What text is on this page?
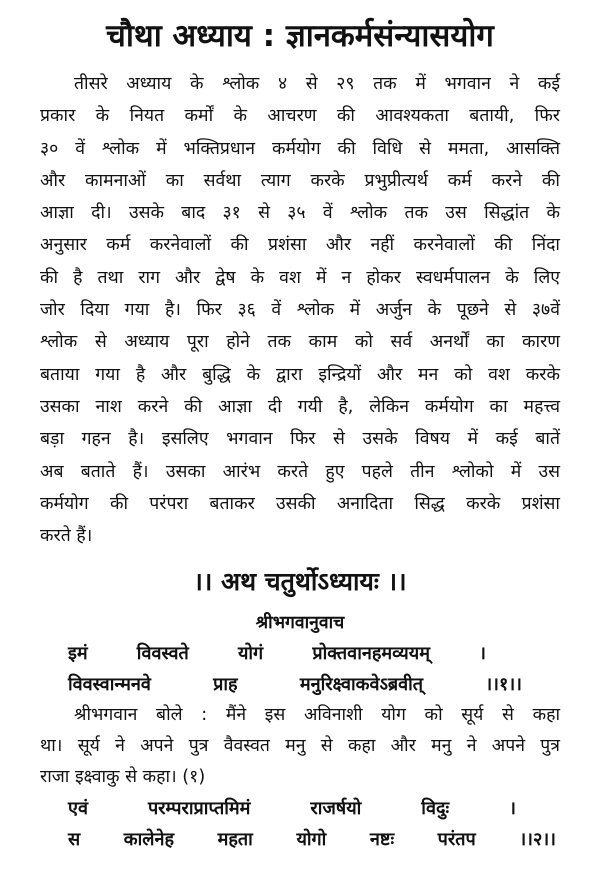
चौथा अध्याय : ज्ञानकर्मसंन्यासयोग

तीसरे अध्याय के श्लोक ४ से २९ तक में भगवान ने कई
प्रकार के नियत कर्मों के आचरण की आवश्यकता बतायी, फिर
३० वें श्लोक में भक्तिप्रधान कर्मयोग की विधि से ममता, आसक्ति
और कामनाओं का सर्वथा त्याग करके प्रभुप्रीत्यर्थ कर्म करने की
आज्ञा दी। उसके बाद ३१ से ३५ वें श्लोक तक उस सिद्धांत के
अनुसार कर्म करनेवालों की प्रशंसा और नहीं करनेवालों की निंदा
की है तथा राग और द्वेष के वश में न होकर स्वधर्मपालन के लिए
जोर दिया गया है। फिर ३६ वें श्लोक में अर्जुन के पूछने से ३७वें
श्लोक से अध्याय पूरा होने तक काम को सर्व अनर्थों का कारण
बताया गया है और बुद्धि के द्वारा इन्द्रियों और मन को वश करके
उसका नाश करने की आज्ञा दी गयी है, लेकिन कर्मयोग का महत्त्व
बड़ा गहन है। इसलिए भगवान फिर से उसके विषय में कई बातें
अब बताते हैं। उसका आरंभ करते हुए पहले तीन श्लोको में उस
कर्मयोग की परंपरा बताकर उसकी अनादिता सिद्ध करके प्रशंसा
करते हैं।

।। अथ चतुर्थोऽध्यायः ।।

श्रीभगवानुवाच

इमं विवस्वते योगं प्रोक्तवानहमव्ययम् ।
विवस्वान्मनवे प्राह मनुरिक्ष्वाकवेऽब्रवीत् ।।१।।

श्रीभगवान बोले : मैंने इस अविनाशी योग को सूर्य से कहा
था। सूर्य ने अपने पुत्र वैवस्वत मनु से कहा और मनु ने अपने पुत्र
राजा इक्ष्वाकु से कहा। (१)

एवं परम्पराप्राप्तमिमं राजर्षयो विदुः ।
स कालेनेह महता योगो नष्टः परंतप ।।२।।
